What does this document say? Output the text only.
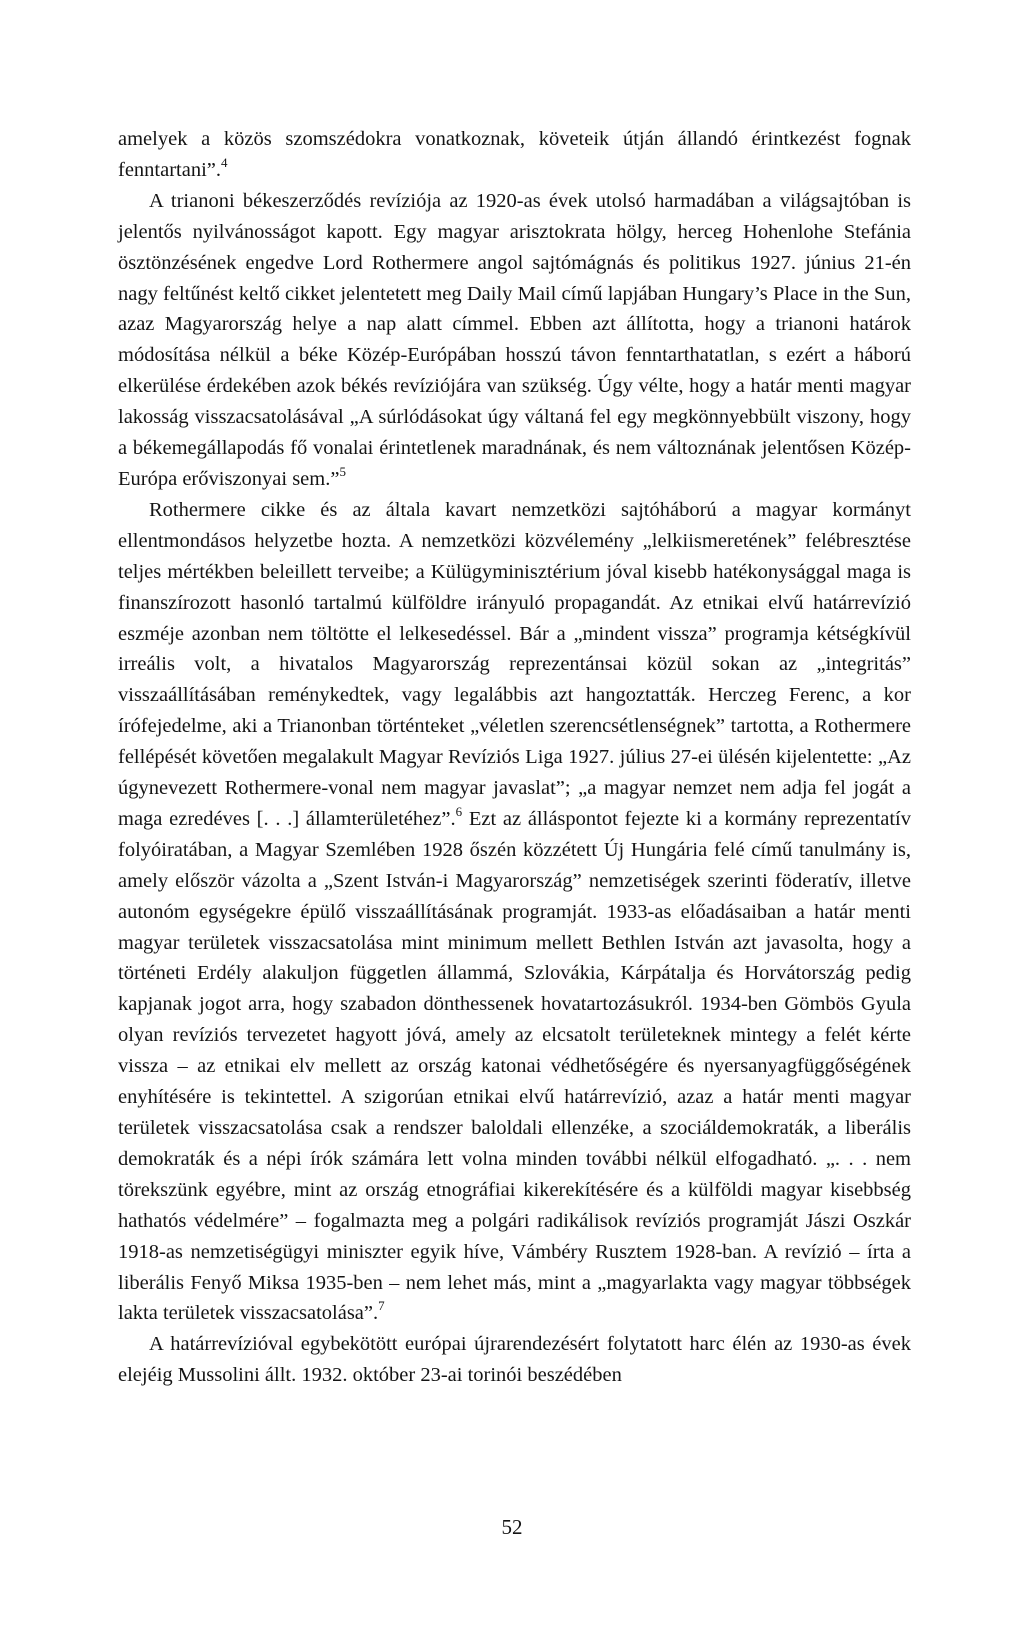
amelyek a közös szomszédokra vonatkoznak, követeik útján állandó érintkezést fognak fenntartani”.$^4$

A trianoni békeszerződés revíziója az 1920-as évek utolsó harmadában a világsajtóban is jelentős nyilvánosságot kapott. Egy magyar arisztokrata hölgy, herceg Hohenlohe Stefánia ösztönzésének engedve Lord Rothermere angol sajtómágnás és politikus 1927. június 21-én nagy feltűnést keltő cikket jelentetett meg Daily Mail című lapjában Hungary’s Place in the Sun, azaz Magyarország helye a nap alatt címmel. Ebben azt állította, hogy a trianoni határok módosítása nélkül a béke Közép-Európában hosszú távon fenntarthatatlan, s ezért a háború elkerülése érdekében azok békés revíziójára van szükség. Úgy vélte, hogy a határ menti magyar lakosság visszacsatolásával „A súrlódásokat úgy váltaná fel egy megkönnyebbült viszony, hogy a békemegállapodás fő vonalai érintetlenek maradnának, és nem változnának jelentősen Közép-Európa erőviszonyai sem.”$^5$

Rothermere cikke és az általa kavart nemzetközi sajtóháború a magyar kormányt ellentmondásos helyzetbe hozta. A nemzetközi közvélemény „lelkiismeretének” felébresztése teljes mértékben beleillett terveibe; a Külügyminisztérium jóval kisebb hatékonysággal maga is finanszírozott hasonló tartalmú külföldre irányuló propagandát. Az etnikai elvű határrevízió eszméje azonban nem töltötte el lelkesedéssel. Bár a „mindent vissza” programja kétségkívül irreális volt, a hivatalos Magyarország reprezentánsai közül sokan az „integritás” visszaállításában reménykedtek, vagy legalábbis azt hangoztatták. Herczeg Ferenc, a kor írófejedelme, aki a Trianonban történteket „véletlen szerencsétlenségnek” tartotta, a Rothermere fellépését követően megalakult Magyar Revíziós Liga 1927. július 27-ei ülésén kijelentette: „Az úgynevezett Rothermere-vonal nem magyar javaslat”; „a magyar nemzet nem adja fel jogát a maga ezredéves [. . .] államterületéhez”.$^6$ Ezt az álláspontot fejezte ki a kormány reprezentatív folyóiratában, a Magyar Szemlében 1928 őszén közzétett Új Hungária felé című tanulmány is, amely először vázolta a „Szent István-i Magyarország” nemzetiségek szerinti föderatív, illetve autonóm egységekre épülő visszaállításának programját. 1933-as előadásaiban a határ menti magyar területek visszacsatolása mint minimum mellett Bethlen István azt javasolta, hogy a történeti Erdély alakuljon független állammá, Szlovákia, Kárpátalja és Horvátország pedig kapjanak jogot arra, hogy szabadon dönthessenek hovatartozásukról. 1934-ben Gömbös Gyula olyan revíziós tervezetet hagyott jóvá, amely az elcsatolt területeknek mintegy a felét kérte vissza – az etnikai elv mellett az ország katonai védhetőségére és nyersanyagfüggőségének enyhítésére is tekintettel. A szigorúan etnikai elvű határrevízió, azaz a határ menti magyar területek visszacsatolása csak a rendszer baloldali ellenzéke, a szociáldemokraták, a liberális demokraták és a népi írók számára lett volna minden további nélkül elfogadható. „. . . nem törekszünk egyébre, mint az ország etnográfiai kikerekítésére és a külföldi magyar kisebbség hathatós védelmére” – fogalmazta meg a polgári radikálisok revíziós programját Jászi Oszkár 1918-as nemzetiségügyi miniszter egyik híve, Vámbéry Rusztem 1928-ban. A revízió – írta a liberális Fenyő Miksa 1935-ben – nem lehet más, mint a „magyarlakta vagy magyar többségek lakta területek visszacsatolása”.$^7$

A határrevízióval egybekötött európai újrarendezésért folytatott harc élén az 1930-as évek elejéig Mussolini állt. 1932. október 23-ai torinói beszédében

52
